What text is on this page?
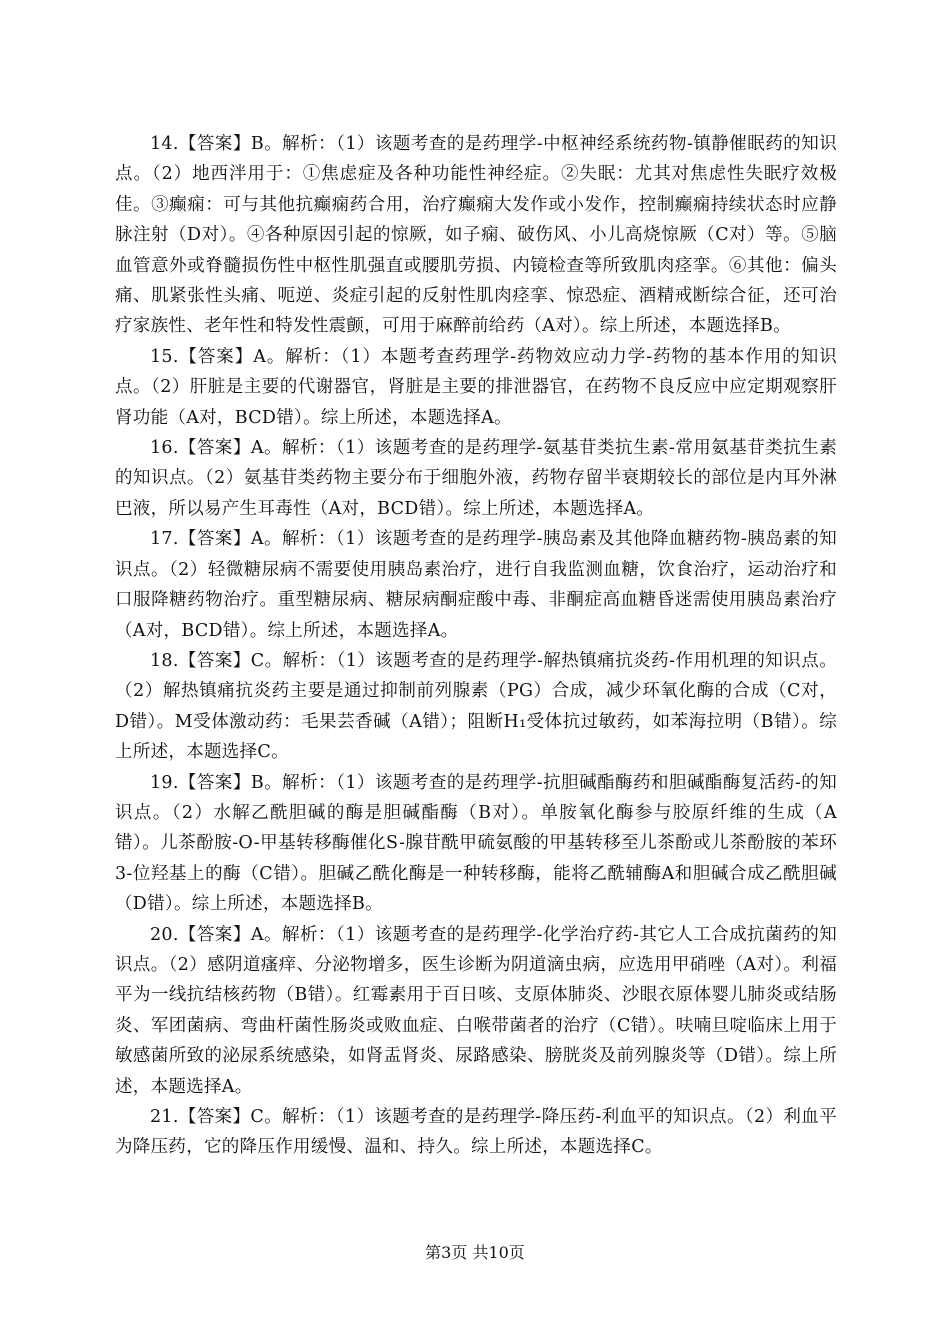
14.【答案】B。解析：（1）该题考查的是药理学-中枢神经系统药物-镇静催眠药的知识点。（2）地西泮用于：①焦虑症及各种功能性神经症。②失眠：尤其对焦虑性失眠疗效极佳。③癫痫：可与其他抗癫痫药合用，治疗癫痫大发作或小发作，控制癫痫持续状态时应静脉注射（D对）。④各种原因引起的惊厥，如子痫、破伤风、小儿高烧惊厥（C对）等。⑤脑血管意外或脊髓损伤性中枢性肌强直或腰肌劳损、内镜检查等所致肌肉痉挛。⑥其他：偏头痛、肌紧张性头痛、呃逆、炎症引起的反射性肌肉痉挛、惊恐症、酒精戒断综合征，还可治疗家族性、老年性和特发性震颤，可用于麻醉前给药（A对）。综上所述，本题选择B。

15.【答案】A。解析：（1）本题考查药理学-药物效应动力学-药物的基本作用的知识点。（2）肝脏是主要的代谢器官，肾脏是主要的排泄器官，在药物不良反应中应定期观察肝肾功能（A对，BCD错）。综上所述，本题选择A。

16.【答案】A。解析：（1）该题考查的是药理学-氨基苷类抗生素-常用氨基苷类抗生素的知识点。（2）氨基苷类药物主要分布于细胞外液，药物存留半衰期较长的部位是内耳外淋巴液，所以易产生耳毒性（A对，BCD错）。综上所述，本题选择A。

17.【答案】A。解析：（1）该题考查的是药理学-胰岛素及其他降血糖药物-胰岛素的知识点。（2）轻微糖尿病不需要使用胰岛素治疗，进行自我监测血糖，饮食治疗，运动治疗和口服降糖药物治疗。重型糖尿病、糖尿病酮症酸中毒、非酮症高血糖昏迷需使用胰岛素治疗（A对，BCD错）。综上所述，本题选择A。

18.【答案】C。解析：（1）该题考查的是药理学-解热镇痛抗炎药-作用机理的知识点。（2）解热镇痛抗炎药主要是通过抑制前列腺素（PG）合成，减少环氧化酶的合成（C对，D错）。M受体激动药：毛果芸香碱（A错）；阻断H₁受体抗过敏药，如苯海拉明（B错）。综上所述，本题选择C。

19.【答案】B。解析：（1）该题考查的是药理学-抗胆碱酯酶药和胆碱酯酶复活药-的知识点。（2）水解乙酰胆碱的酶是胆碱酯酶（B对）。单胺氧化酶参与胶原纤维的生成（A错）。儿茶酚胺-O-甲基转移酶催化S-腺苷酰甲硫氨酸的甲基转移至儿茶酚或儿茶酚胺的苯环3-位羟基上的酶（C错）。胆碱乙酰化酶是一种转移酶，能将乙酰辅酶A和胆碱合成乙酰胆碱（D错）。综上所述，本题选择B。

20.【答案】A。解析：（1）该题考查的是药理学-化学治疗药-其它人工合成抗菌药的知识点。（2）感阴道瘙痒、分泌物增多，医生诊断为阴道滴虫病，应选用甲硝唑（A对）。利福平为一线抗结核药物（B错）。红霉素用于百日咳、支原体肺炎、沙眼衣原体婴儿肺炎或结肠炎、军团菌病、弯曲杆菌性肠炎或败血症、白喉带菌者的治疗（C错）。呋喃旦啶临床上用于敏感菌所致的泌尿系统感染，如肾盂肾炎、尿路感染、膀胱炎及前列腺炎等（D错）。综上所述，本题选择A。

21.【答案】C。解析：（1）该题考查的是药理学-降压药-利血平的知识点。（2）利血平为降压药，它的降压作用缓慢、温和、持久。综上所述，本题选择C。

第3页 共10页
